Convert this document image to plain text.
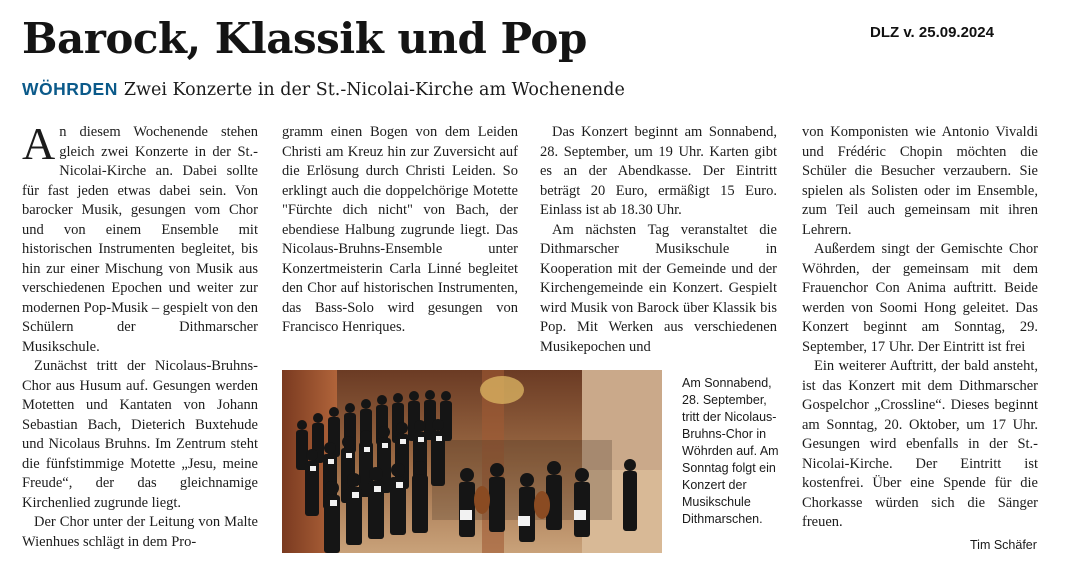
Barock, Klassik und Pop	DLZ v. 25.09.2024
WÖHRDEN Zwei Konzerte in der St.-Nicolai-Kirche am Wochenende

An diesem Wochenende stehen gleich zwei Konzerte in der St.-Nicolai-Kirche an. Dabei sollte für fast jeden etwas dabei sein. Von barocker Musik, gesungen vom Chor und von einem Ensemble mit historischen Instrumenten begleitet, bis hin zur einer Mischung von Musik aus verschiedenen Epochen und weiter zur modernen Pop-Musik – gespielt von den Schülern der Dithmarscher Musikschule.

Zunächst tritt der Nicolaus-Bruhns-Chor aus Husum auf. Gesungen werden Motetten und Kantaten von Johann Sebastian Bach, Dieterich Buxtehude und Nicolaus Bruhns. Im Zentrum steht die fünfstimmige Motette „Jesu, meine Freude“, der das gleichnamige Kirchenlied zugrunde liegt.

Der Chor unter der Leitung von Malte Wienhues schlägt in dem Pro-

gramm einen Bogen von dem Leiden Christi am Kreuz hin zur Zuversicht auf die Erlösung durch Christi Leiden. So erklingt auch die doppelchörige Motette "Fürchte dich nicht" von Bach, der ebendiese Halbung zugrunde liegt. Das Nicolaus-Bruhns-Ensemble unter Konzertmeisterin Carla Linné begleitet den Chor auf historischen Instrumenten, das Bass-Solo wird gesungen von Francisco Henriques.

Am Sonnabend, 28. September, tritt der Nicolaus-Bruhns-Chor in Wöhrden auf. Am Sonntag folgt ein Konzert der Musikschule Dithmarschen.

Das Konzert beginnt am Sonnabend, 28. September, um 19 Uhr. Karten gibt es an der Abendkasse. Der Eintritt beträgt 20 Euro, ermäßigt 15 Euro. Einlass ist ab 18.30 Uhr.

Am nächsten Tag veranstaltet die Dithmarscher Musikschule in Kooperation mit der Gemeinde und der Kirchengemeinde ein Konzert. Gespielt wird Musik von Barock über Klassik bis Pop. Mit Werken aus verschiedenen Musikepochen und

von Komponisten wie Antonio Vivaldi und Frédéric Chopin möchten die Schüler die Besucher verzaubern. Sie spielen als Solisten oder im Ensemble, zum Teil auch gemeinsam mit ihren Lehrern.

Außerdem singt der Gemischte Chor Wöhrden, der gemeinsam mit dem Frauenchor Con Anima auftritt. Beide werden von Soomi Hong geleitet. Das Konzert beginnt am Sonntag, 29. September, 17 Uhr. Der Eintritt ist frei

Ein weiterer Auftritt, der bald ansteht, ist das Konzert mit dem Dithmarscher Gospelchor „Crossline“. Dieses beginnt am Sonntag, 20. Oktober, um 17 Uhr. Gesungen wird ebenfalls in der St.-Nicolai-Kirche. Der Eintritt ist kostenfrei. Über eine Spende für die Chorkasse würden sich die Sänger freuen.

Tim Schäfer
